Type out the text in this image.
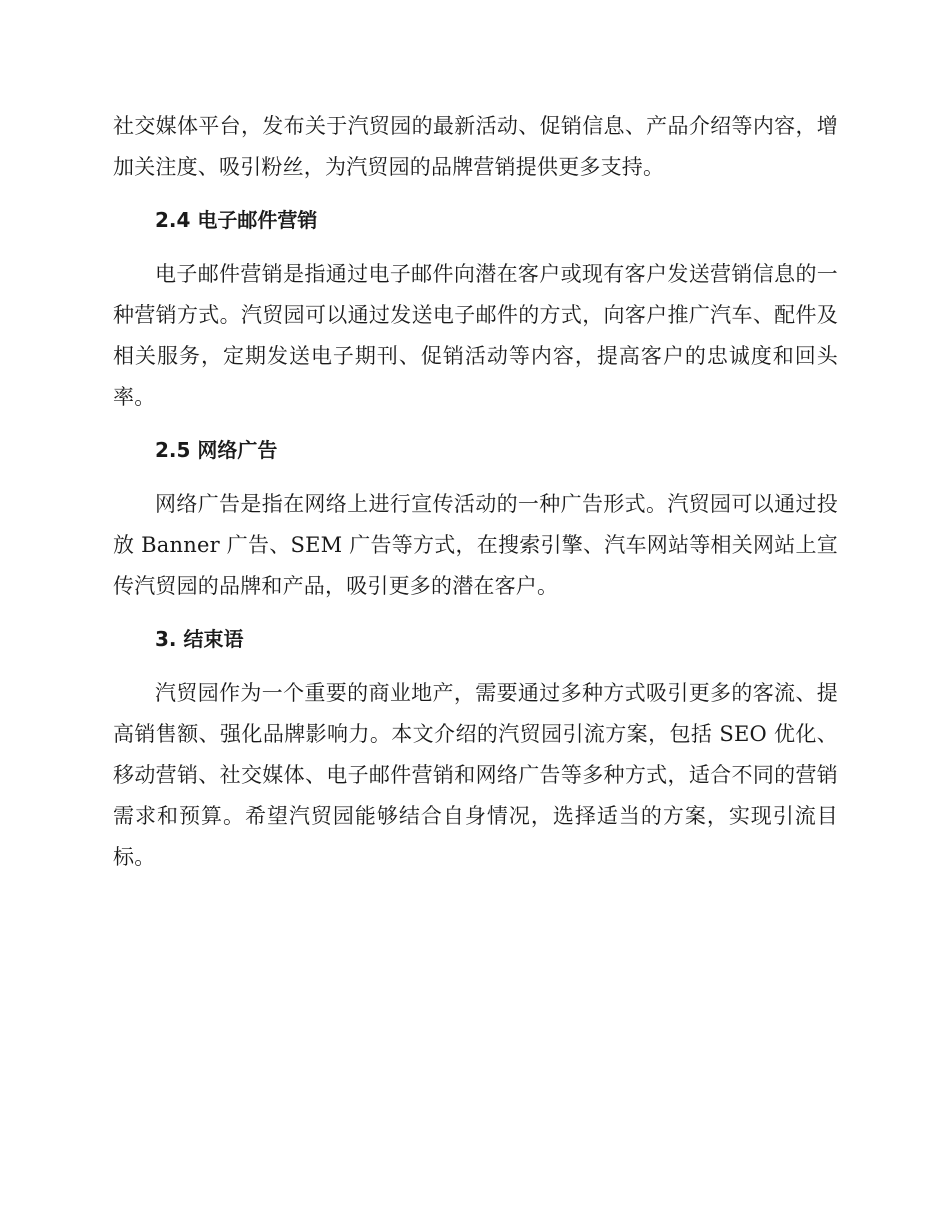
社交媒体平台，发布关于汽贸园的最新活动、促销信息、产品介绍等内容，增加关注度、吸引粉丝，为汽贸园的品牌营销提供更多支持。

2.4 电子邮件营销

电子邮件营销是指通过电子邮件向潜在客户或现有客户发送营销信息的一种营销方式。汽贸园可以通过发送电子邮件的方式，向客户推广汽车、配件及相关服务，定期发送电子期刊、促销活动等内容，提高客户的忠诚度和回头率。

2.5 网络广告

网络广告是指在网络上进行宣传活动的一种广告形式。汽贸园可以通过投放 Banner 广告、SEM 广告等方式，在搜索引擎、汽车网站等相关网站上宣传汽贸园的品牌和产品，吸引更多的潜在客户。

3. 结束语

汽贸园作为一个重要的商业地产，需要通过多种方式吸引更多的客流、提高销售额、强化品牌影响力。本文介绍的汽贸园引流方案，包括 SEO 优化、移动营销、社交媒体、电子邮件营销和网络广告等多种方式，适合不同的营销需求和预算。希望汽贸园能够结合自身情况，选择适当的方案，实现引流目标。
